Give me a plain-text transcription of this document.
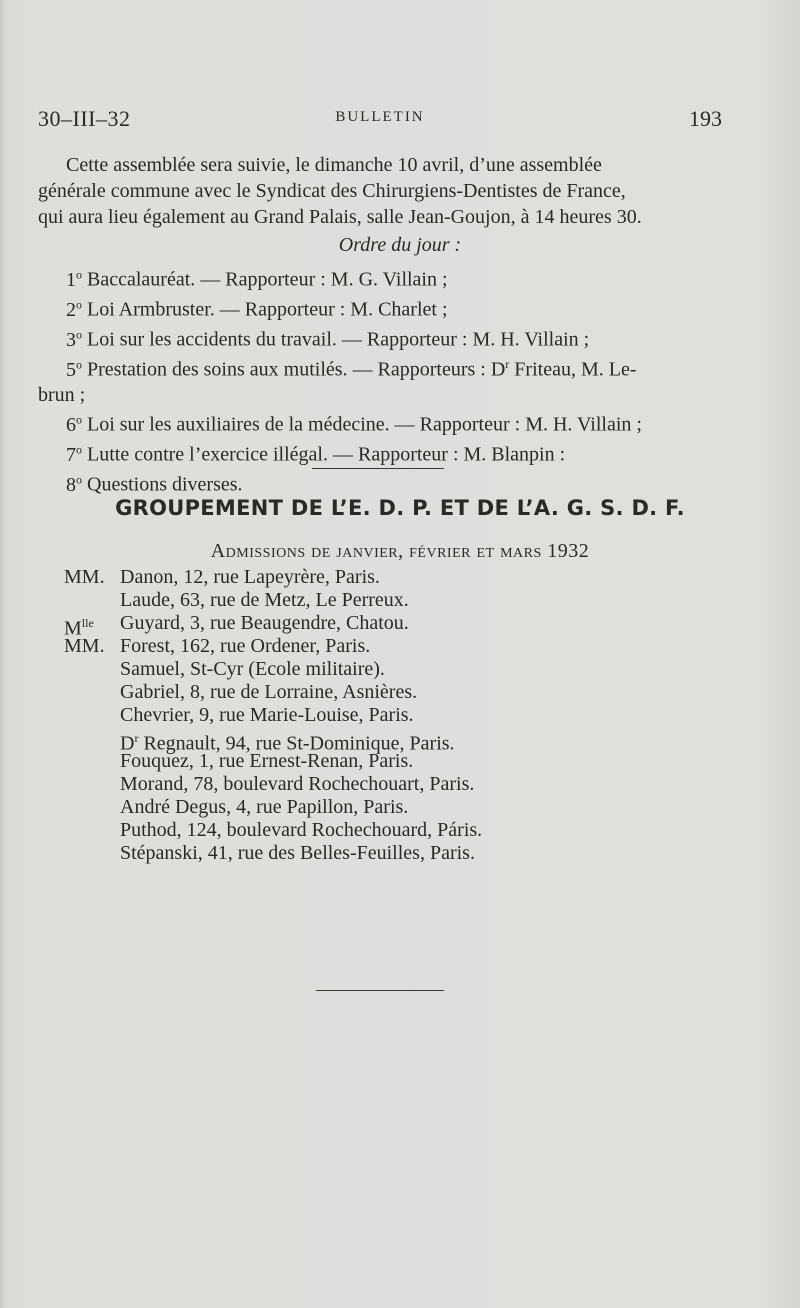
30–III–32	BULLETIN	193
Cette assemblée sera suivie, le dimanche 10 avril, d’une assemblée
générale commune avec le Syndicat des Chirurgiens-Dentistes de France,
qui aura lieu également au Grand Palais, salle Jean-Goujon, à 14 heures 30.
Ordre du jour :
1$^o$ Baccalauréat. — Rapporteur : M. G. Villain ;
2$^o$ Loi Armbruster. — Rapporteur : M. Charlet ;
3$^o$ Loi sur les accidents du travail. — Rapporteur : M. H. Villain ;
5$^o$ Prestation des soins aux mutilés. — Rapporteurs : $D^r$ Friteau, M. Le-
brun ;
6$^o$ Loi sur les auxiliaires de la médecine. — Rapporteur : M. H. Villain ;
7$^o$ Lutte contre l’exercice illégal. — Rapporteur : M. Blanpin :
8$^o$ Questions diverses.
GROUPEMENT DE L’E. D. P. ET DE L’A. G. S. D. F.
Admissions de janvier, février et mars 1932
MM. Danon, 12, rue Lapeyrère, Paris.
Laude, 63, rue de Metz, Le Perreux.
$M^{lle}$	Guyard, 3, rue Beaugendre, Chatou.
MM. Forest, 162, rue Ordener, Paris.
Samuel, St-Cyr (Ecole militaire).
Gabriel, 8, rue de Lorraine, Asnières.
Chevrier, 9, rue Marie-Louise, Paris.
$D^r$ Regnault, 94, rue St-Dominique, Paris.
Fouquez, 1, rue Ernest-Renan, Paris.
Morand, 78, boulevard Rochechouart, Paris.
André Degus, 4, rue Papillon, Paris.
Puthod, 124, boulevard Rochechouard, Páris.
Stépanski, 41, rue des Belles-Feuilles, Paris.
